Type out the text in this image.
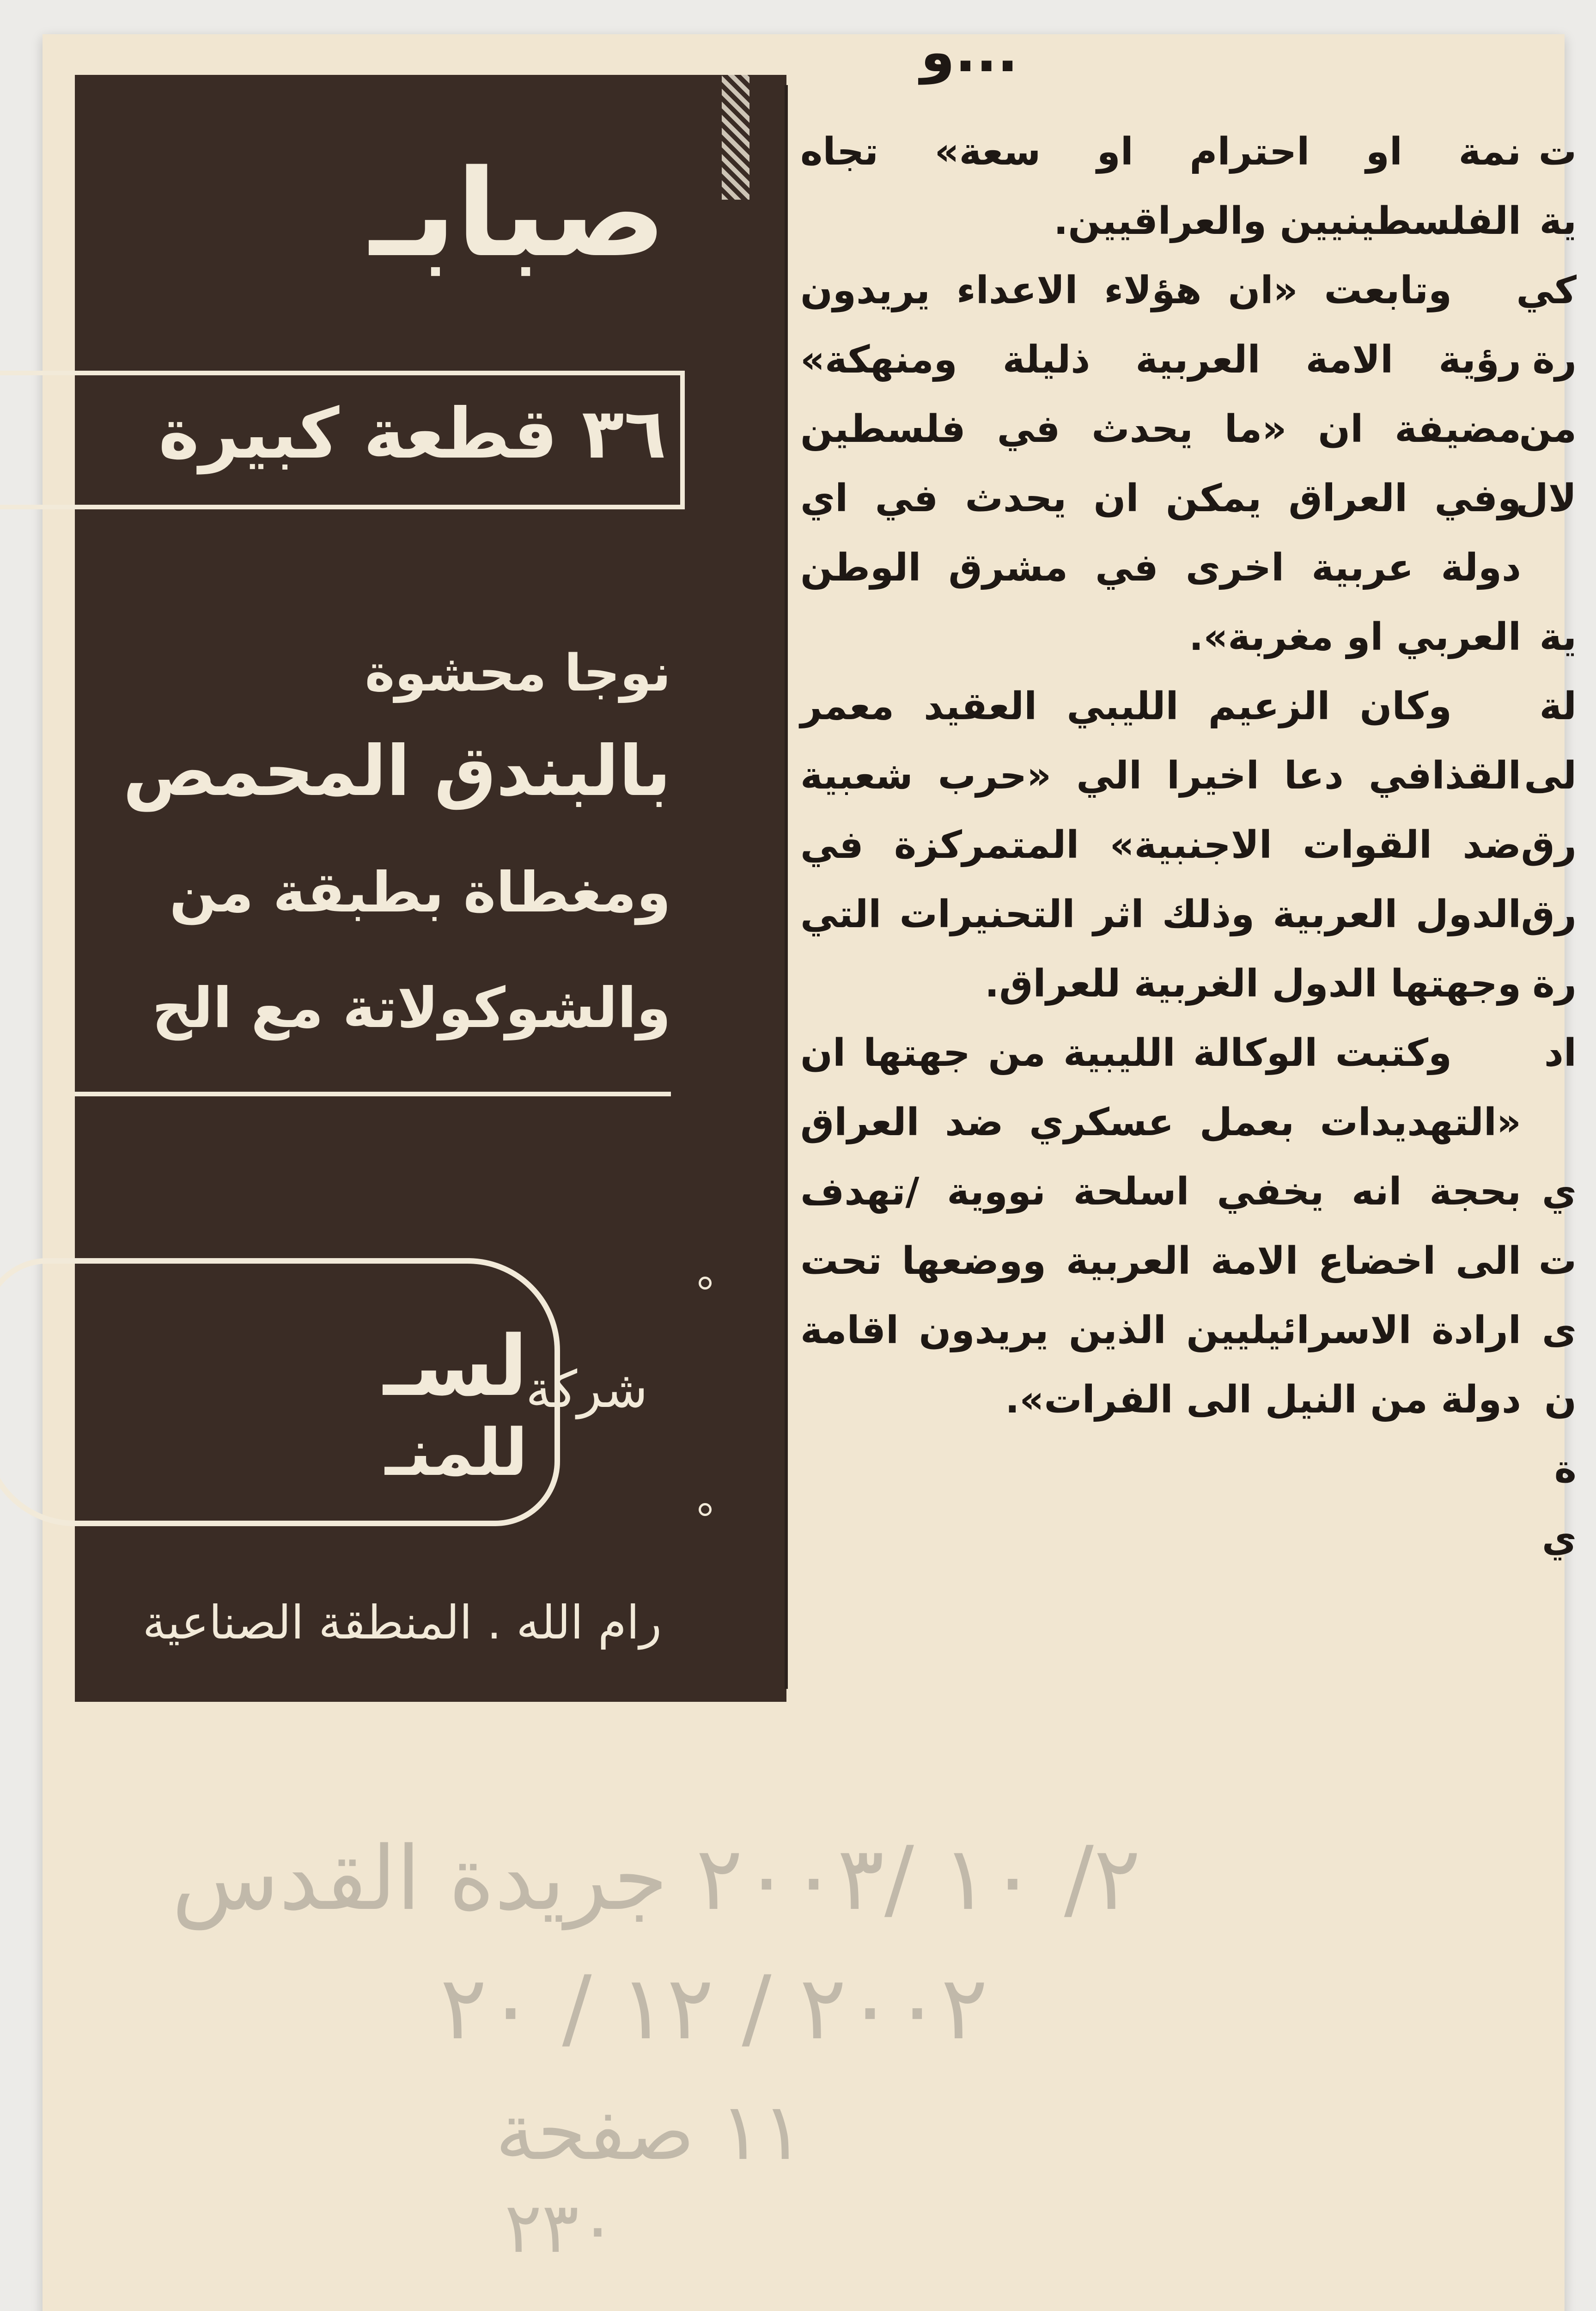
صبابـ
٣٦ قطعة كبيرة
نوجا محشوة
بالبندق المحمص
ومغطاة بطبقة من
والشوكولاتة مع الح
لسـ
للمنـ
شركة
رام الله . المنطقة الصناعية
...و

نمة او احترام او سعة» تجاه الفلسطينيين والعراقيين.

وتابعت «ان هؤلاء الاعداء يريدون رؤية الامة العربية ذليلة ومنهكة» مضيفة ان «ما يحدث في فلسطين وفي العراق يمكن ان يحدث في اي دولة عربية اخرى في مشرق الوطن العربي او مغربة».

وكان الزعيم الليبي العقيد معمر القذافي دعا اخيرا الي «حرب شعبية ضد القوات الاجنبية» المتمركزة في الدول العربية وذلك اثر التحنيرات التي وجهتها الدول الغربية للعراق.

وكتبت الوكالة الليبية من جهتها ان «التهديدات بعمل عسكري ضد العراق بحجة انه يخفي اسلحة نووية /تهدف الى اخضاع الامة العربية ووضعها تحت ارادة الاسرائيليين الذين يريدون اقامة دولة من النيل الى الفرات».

ت
ية
كي
رة
من
لال
ية
لة
لى
رق
رق
رة
اد
ي
ت
ى
ن
ة
ي
٢/ ١٠ /٢٠٠٣ جريدة القدس
٢٠٠٢ / ١٢ / ٢٠
١١ صفحة
٢٣٠
